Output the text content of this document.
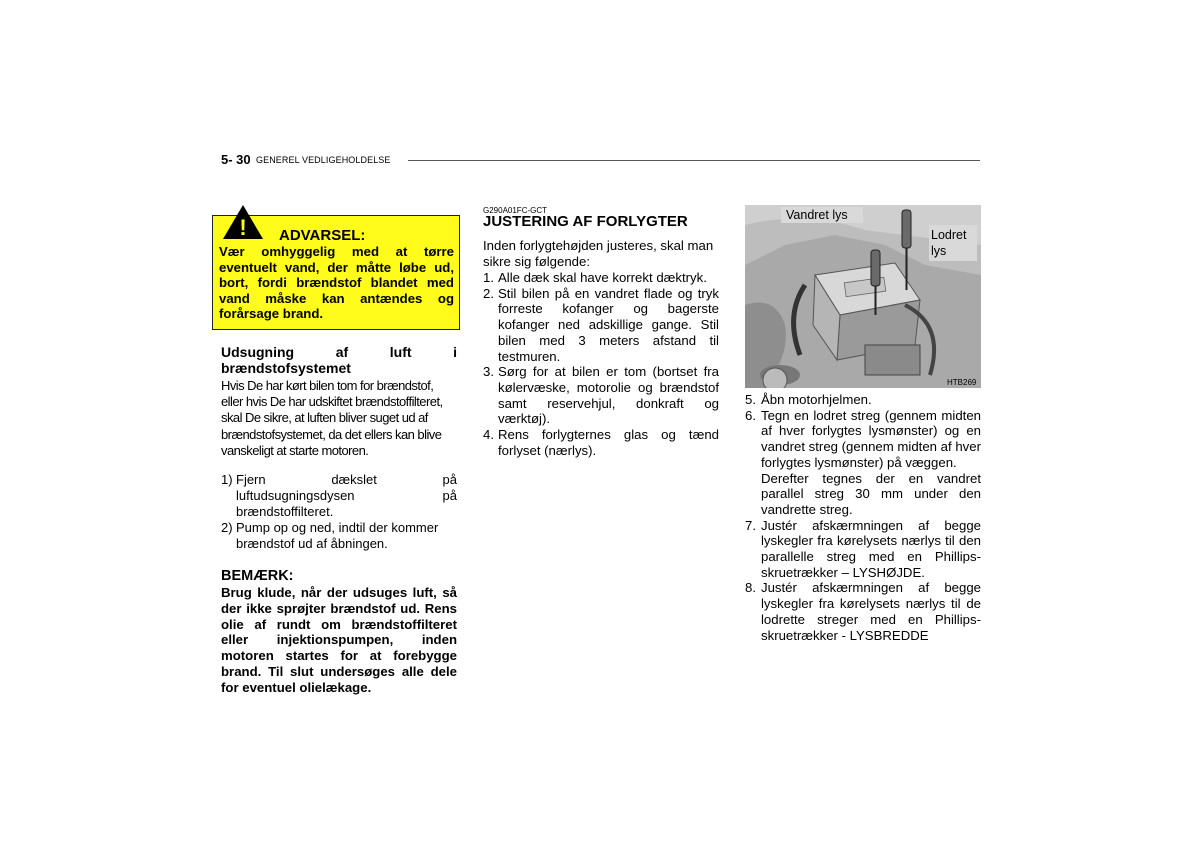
5- 30 GENEREL VEDLIGEHOLDELSE
! ADVARSEL:
Vær omhyggelig med at tørre eventuelt vand, der måtte løbe ud, bort, fordi brændstof blandet med vand måske kan antændes og forårsage brand.
Udsugning	af	luft	i
brændstofsystemet
Hvis De har kørt bilen tom for brændstof, eller hvis De har udskiftet brændstoffilteret, skal De sikre, at luften bliver suget ud af brændstofsystemet, da det ellers kan blive vanskeligt at starte motoren.
1) Fjern dækslet på
luftudsugningsdysen på
brændstoffilteret.
2) Pump op og ned, indtil der kommer brændstof ud af åbningen.
BEMÆRK:
Brug klude, når der udsuges luft, så der ikke sprøjter brændstof ud. Rens olie af rundt om brændstoffilteret eller injektionspumpen, inden motoren startes for at forebygge brand. Til slut undersøges alle dele for eventuel olielækage.
G290A01FC-GCT
JUSTERING AF FORLYGTER
Inden forlygtehøjden justeres, skal man sikre sig følgende:
1. Alle dæk skal have korrekt dæktryk.
2. Stil bilen på en vandret flade og tryk forreste kofanger og bagerste kofanger ned adskillige gange. Stil bilen med 3 meters afstand til testmuren.
3. Sørg for at bilen er tom (bortset fra kølervæske, motorolie og brændstof samt reservehjul, donkraft og værktøj).
4. Rens forlygternes glas og tænd forlyset (nærlys).
Vandret lys
Lodret lys
HTB269
5. Åbn motorhjelmen.
6. Tegn en lodret streg (gennem midten af hver forlygtes lysmønster) og en vandret streg (gennem midten af hver forlygtes lysmønster) på væggen.
Derefter tegnes der en vandret parallel streg 30 mm under den vandrette streg.
7. Justér afskærmningen af begge lyskegler fra kørelysets nærlys til den parallelle streg med en Phillips-skruetrækker – LYSHØJDE.
8. Justér afskærmningen af begge lyskegler fra kørelysets nærlys til de lodrette streger med en Phillips-skruetrækker - LYSBREDDE
